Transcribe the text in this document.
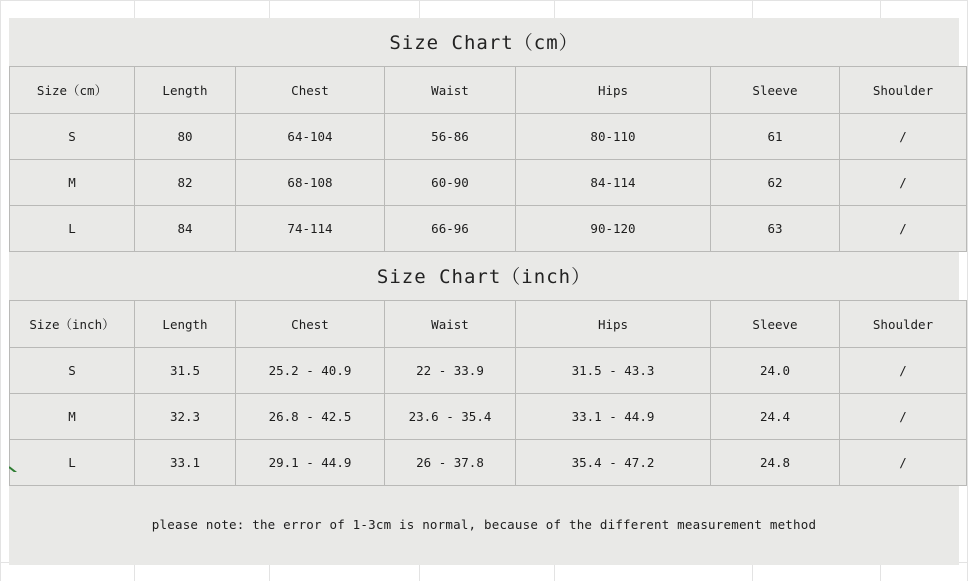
Size Chart（cm）
Size（cm）	Length	Chest	Waist	Hips	Sleeve	Shoulder
S	80	64-104	56-86	80-110	61	/
M	82	68-108	60-90	84-114	62	/
L	84	74-114	66-96	90-120	63	/
Size Chart（inch）
Size（inch）	Length	Chest	Waist	Hips	Sleeve	Shoulder
S	31.5	25.2 - 40.9	22 - 33.9	31.5 - 43.3	24.0	/
M	32.3	26.8 - 42.5	23.6 - 35.4	33.1 - 44.9	24.4	/
L	33.1	29.1 - 44.9	26 - 37.8	35.4 - 47.2	24.8	/
please note: the error of 1-3cm is normal, because of the different measurement method
